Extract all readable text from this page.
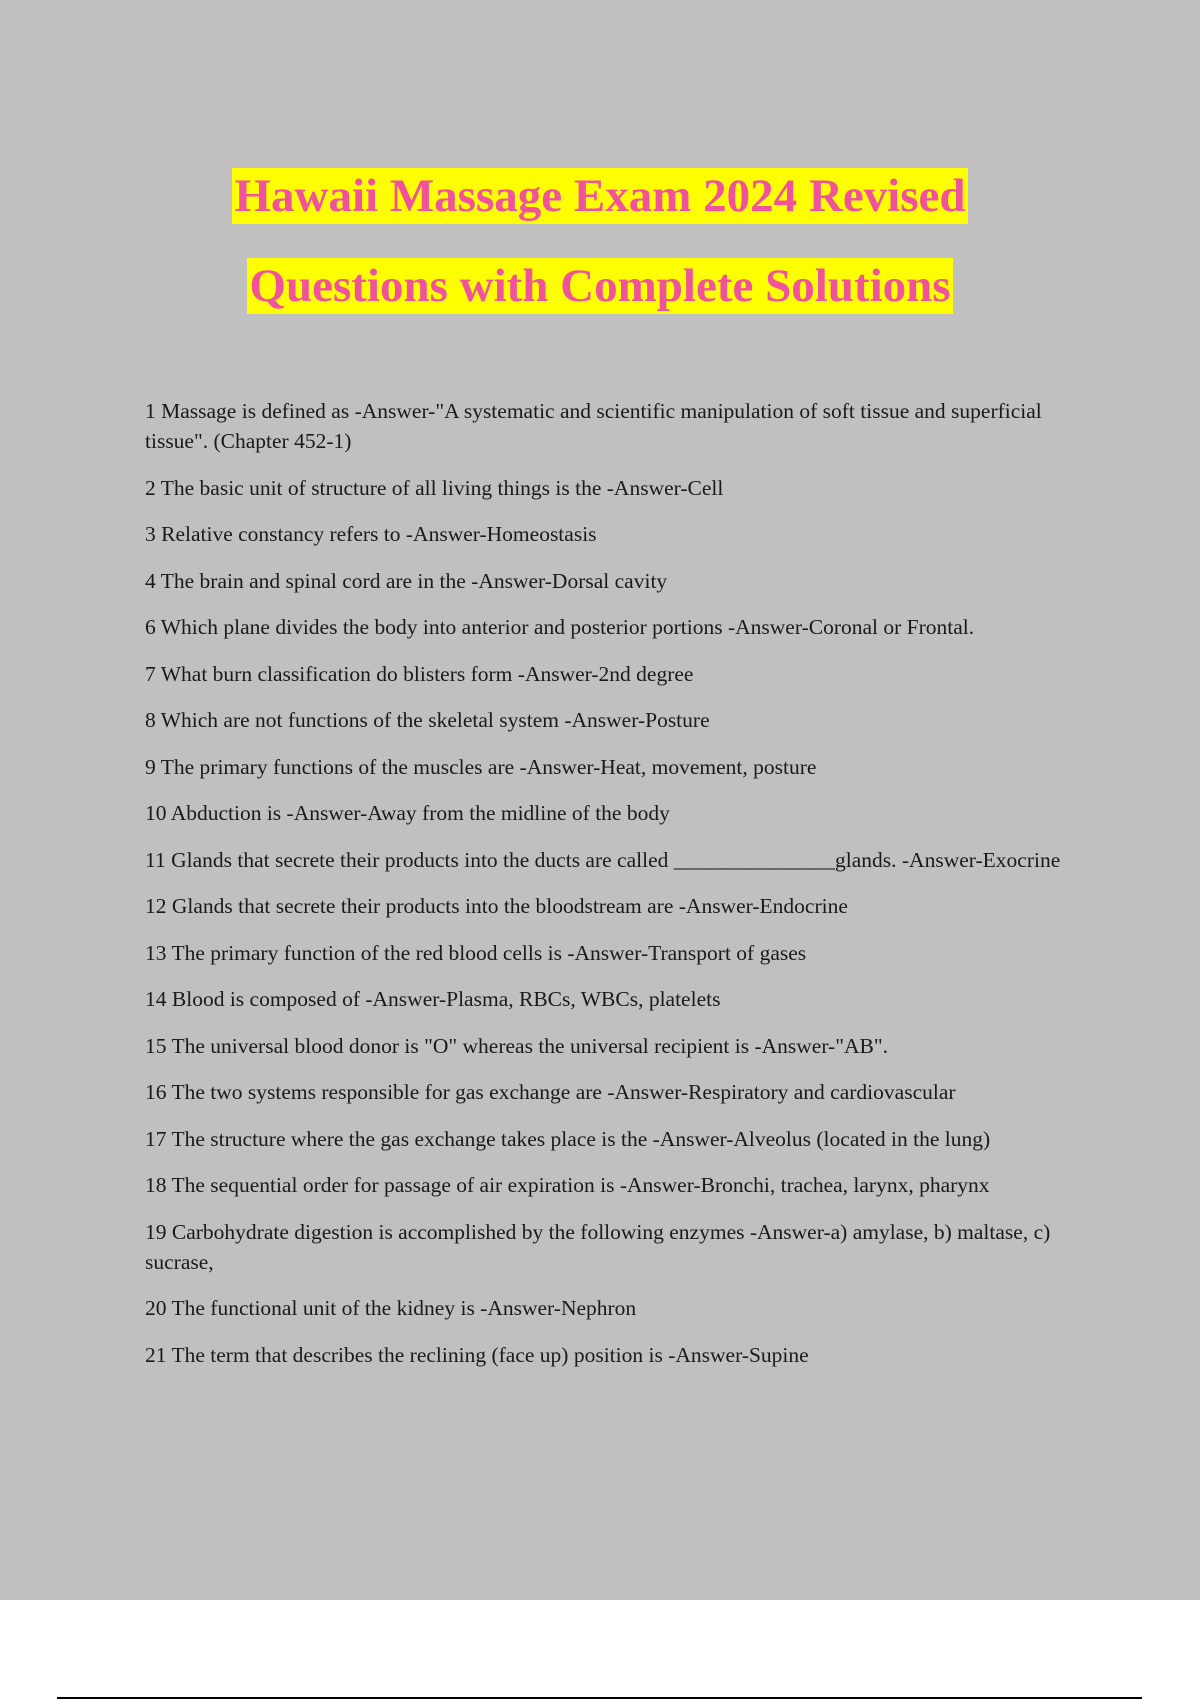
Hawaii Massage Exam 2024 Revised
Questions with Complete Solutions
1 Massage is defined as -Answer-"A systematic and scientific manipulation of soft tissue and superficial tissue". (Chapter 452-1)
2 The basic unit of structure of all living things is the -Answer-Cell
3 Relative constancy refers to -Answer-Homeostasis
4 The brain and spinal cord are in the -Answer-Dorsal cavity
6 Which plane divides the body into anterior and posterior portions -Answer-Coronal or Frontal.
7 What burn classification do blisters form -Answer-2nd degree
8 Which are not functions of the skeletal system -Answer-Posture
9 The primary functions of the muscles are -Answer-Heat, movement, posture
10 Abduction is -Answer-Away from the midline of the body
11 Glands that secrete their products into the ducts are called _______________glands. -Answer-Exocrine
12 Glands that secrete their products into the bloodstream are -Answer-Endocrine
13 The primary function of the red blood cells is -Answer-Transport of gases
14 Blood is composed of -Answer-Plasma, RBCs, WBCs, platelets
15 The universal blood donor is "O" whereas the universal recipient is -Answer-"AB".
16 The two systems responsible for gas exchange are -Answer-Respiratory and cardiovascular
17 The structure where the gas exchange takes place is the -Answer-Alveolus (located in the lung)
18 The sequential order for passage of air expiration is -Answer-Bronchi, trachea, larynx, pharynx
19 Carbohydrate digestion is accomplished by the following enzymes -Answer-a) amylase, b) maltase, c) sucrase,
20 The functional unit of the kidney is -Answer-Nephron
21 The term that describes the reclining (face up) position is -Answer-Supine
